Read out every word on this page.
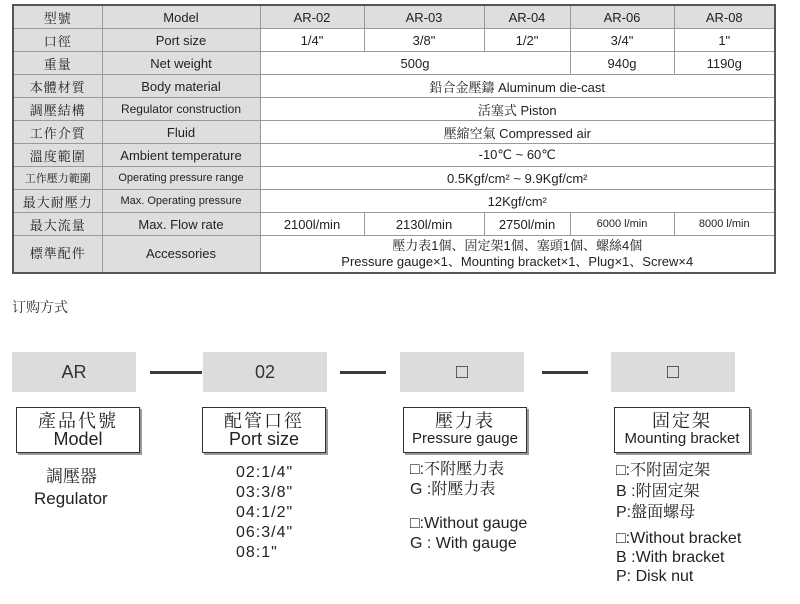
型號	Model	AR-02	AR-03	AR-04	AR-06	AR-08
口徑	Port size	1/4"	3/8"	1/2"	3/4"	1"
重量	Net weight	500g			940g	1190g
本體材質	Body material	鉛合金壓鑄 Aluminum die-cast				
調壓結構	Regulator construction	活塞式 Piston				
工作介質	Fluid	壓縮空氣 Compressed air				
溫度範圍	Ambient temperature	-10℃ ~ 60℃				
工作壓力範圍	Operating pressure range	0.5Kgf/cm² ~ 9.9Kgf/cm²				
最大耐壓力	Max. Operating pressure	12Kgf/cm²				
最大流量	Max. Flow rate	2100l/min	2130l/min	2750l/min	6000 l/min	8000 l/min
標準配件	Accessories	壓力表1個、固定架1個、塞頭1個、螺絲4個
Pressure gauge×1、Mounting bracket×1、Plug×1、Screw×4				
订购方式
AR	02	□	□
產品代號
Model
配管口徑
Port size
壓力表
Pressure gauge
固定架
Mounting bracket
調壓器
Regulator
02:1/4"
03:3/8"
04:1/2"
06:3/4"
08:1"
□:不附壓力表
G :附壓力表
□:Without gauge
G : With gauge
□:不附固定架
B :附固定架
P:盤面螺母
□:Without bracket
B :With bracket
P: Disk nut
